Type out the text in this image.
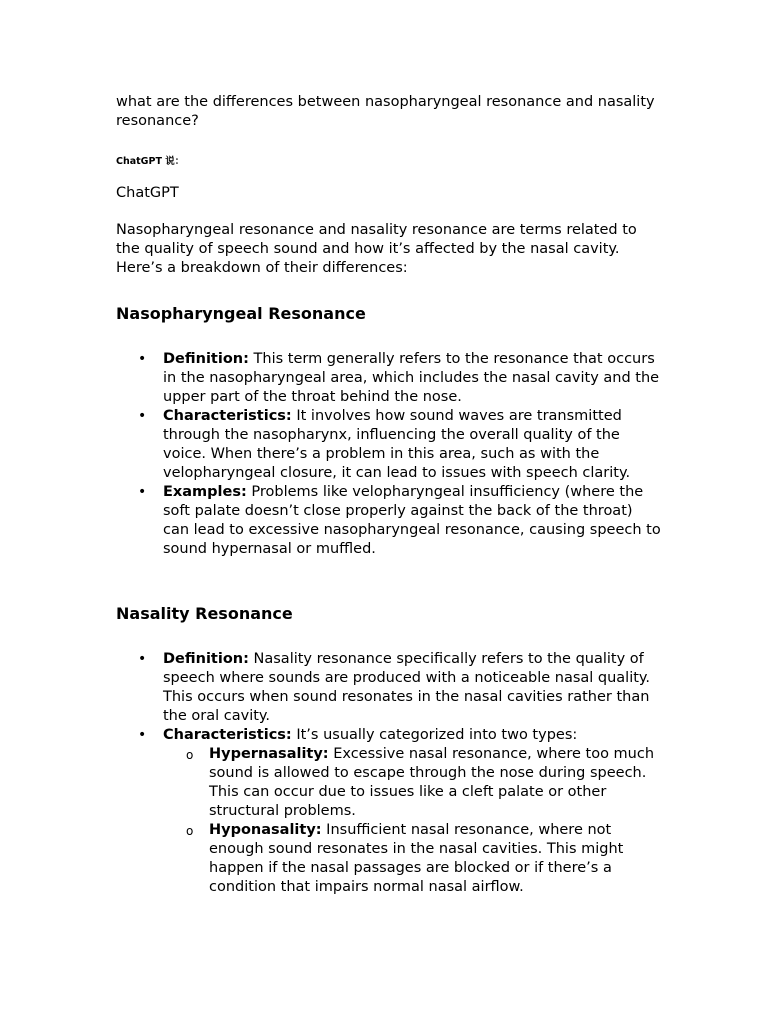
what are the differences between nasopharyngeal resonance and nasality resonance?

ChatGPT 说：

ChatGPT

Nasopharyngeal resonance and nasality resonance are terms related to the quality of speech sound and how it’s affected by the nasal cavity. Here’s a breakdown of their differences:

Nasopharyngeal Resonance
• Definition: This term generally refers to the resonance that occurs in the nasopharyngeal area, which includes the nasal cavity and the upper part of the throat behind the nose.
• Characteristics: It involves how sound waves are transmitted through the nasopharynx, influencing the overall quality of the voice. When there’s a problem in this area, such as with the velopharyngeal closure, it can lead to issues with speech clarity.
• Examples: Problems like velopharyngeal insufficiency (where the soft palate doesn’t close properly against the back of the throat) can lead to excessive nasopharyngeal resonance, causing speech to sound hypernasal or muffled.
Nasality Resonance
• Definition: Nasality resonance specifically refers to the quality of speech where sounds are produced with a noticeable nasal quality. This occurs when sound resonates in the nasal cavities rather than the oral cavity.
• Characteristics: It’s usually categorized into two types:
o Hypernasality: Excessive nasal resonance, where too much sound is allowed to escape through the nose during speech. This can occur due to issues like a cleft palate or other structural problems.
o Hyponasality: Insufficient nasal resonance, where not enough sound resonates in the nasal cavities. This might happen if the nasal passages are blocked or if there’s a condition that impairs normal nasal airflow.
